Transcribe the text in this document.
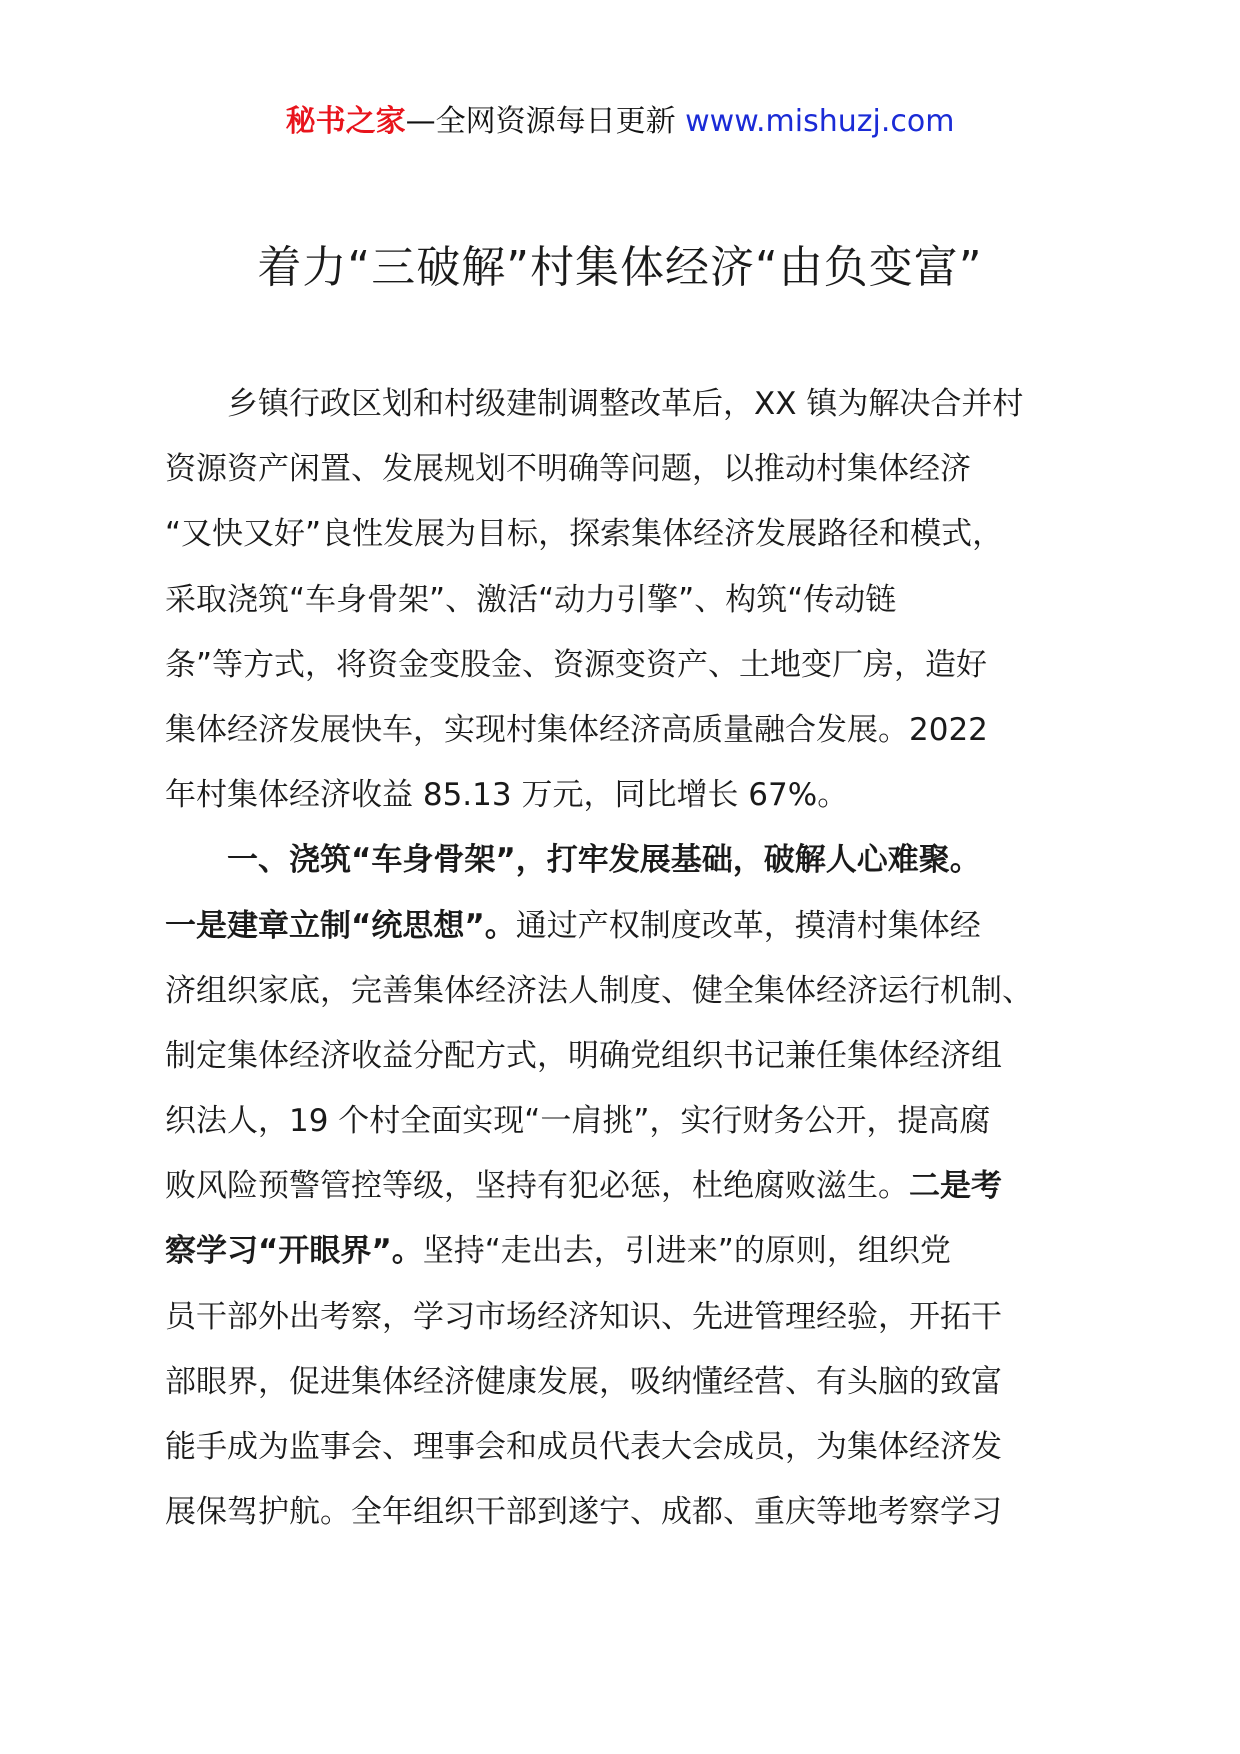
秘书之家—全网资源每日更新 www.mishuzj.com
着力“三破解”村集体经济“由负变富”
乡镇行政区划和村级建制调整改革后，XX 镇为解决合并村
资源资产闲置、发展规划不明确等问题，以推动村集体经济
“又快又好”良性发展为目标，探索集体经济发展路径和模式，
采取浇筑“车身骨架”、激活“动力引擎”、构筑“传动链
条”等方式，将资金变股金、资源变资产、土地变厂房，造好
集体经济发展快车，实现村集体经济高质量融合发展。2022
年村集体经济收益 85.13 万元，同比增长 67%。
一、浇筑“车身骨架”，打牢发展基础，破解人心难聚。
一是建章立制“统思想”。通过产权制度改革，摸清村集体经
济组织家底，完善集体经济法人制度、健全集体经济运行机制、
制定集体经济收益分配方式，明确党组织书记兼任集体经济组
织法人，19 个村全面实现“一肩挑”，实行财务公开，提高腐
败风险预警管控等级，坚持有犯必惩，杜绝腐败滋生。二是考
察学习“开眼界”。坚持“走出去，引进来”的原则，组织党
员干部外出考察，学习市场经济知识、先进管理经验，开拓干
部眼界，促进集体经济健康发展，吸纳懂经营、有头脑的致富
能手成为监事会、理事会和成员代表大会成员，为集体经济发
展保驾护航。全年组织干部到遂宁、成都、重庆等地考察学习
